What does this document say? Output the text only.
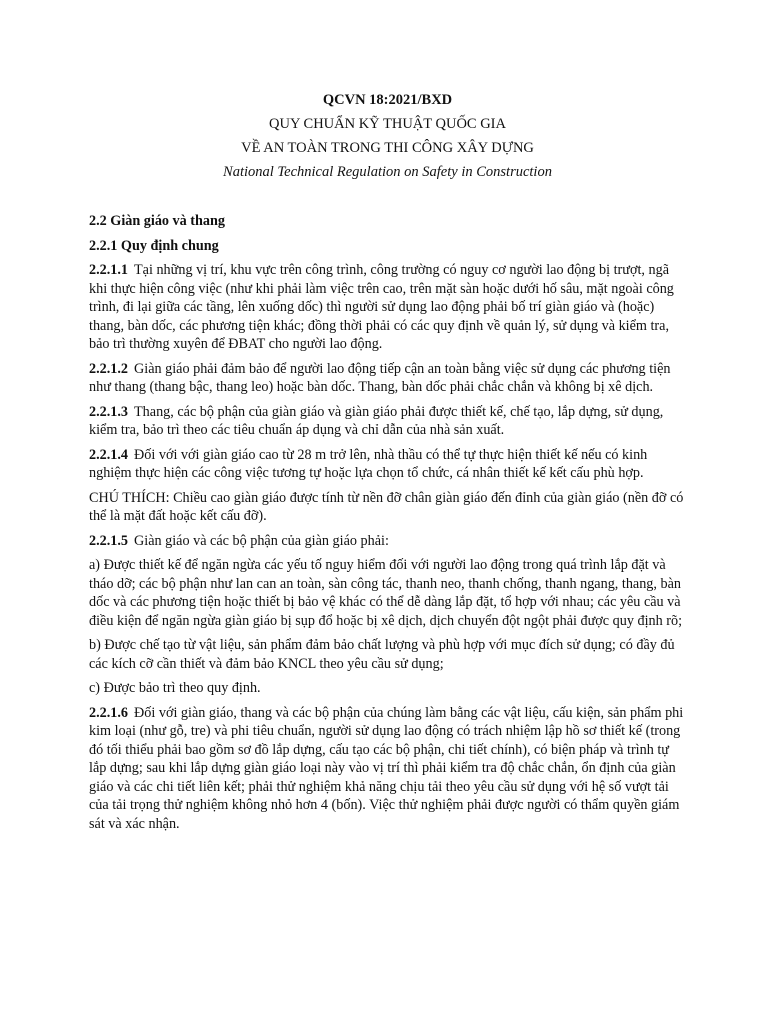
QCVN 18:2021/BXD
QUY CHUẨN KỸ THUẬT QUỐC GIA
VỀ AN TOÀN TRONG THI CÔNG XÂY DỰNG
National Technical Regulation on Safety in Construction
2.2 Giàn giáo và thang
2.2.1 Quy định chung
2.2.1.1 Tại những vị trí, khu vực trên công trình, công trường có nguy cơ người lao động bị trượt, ngã khi thực hiện công việc (như khi phải làm việc trên cao, trên mặt sàn hoặc dưới hố sâu, mặt ngoài công trình, đi lại giữa các tầng, lên xuống dốc) thì người sử dụng lao động phải bố trí giàn giáo và (hoặc) thang, bàn dốc, các phương tiện khác; đồng thời phải có các quy định về quản lý, sử dụng và kiểm tra, bảo trì thường xuyên để ĐBAT cho người lao động.
2.2.1.2 Giàn giáo phải đảm bảo để người lao động tiếp cận an toàn bằng việc sử dụng các phương tiện như thang (thang bậc, thang leo) hoặc bàn dốc. Thang, bàn dốc phải chắc chắn và không bị xê dịch.
2.2.1.3 Thang, các bộ phận của giàn giáo và giàn giáo phải được thiết kế, chế tạo, lắp dựng, sử dụng, kiểm tra, bảo trì theo các tiêu chuẩn áp dụng và chỉ dẫn của nhà sản xuất.
2.2.1.4 Đối với với giàn giáo cao từ 28 m trở lên, nhà thầu có thể tự thực hiện thiết kế nếu có kinh nghiệm thực hiện các công việc tương tự hoặc lựa chọn tổ chức, cá nhân thiết kế kết cấu phù hợp.
CHÚ THÍCH: Chiều cao giàn giáo được tính từ nền đỡ chân giàn giáo đến đỉnh của giàn giáo (nền đỡ có thể là mặt đất hoặc kết cấu đỡ).
2.2.1.5 Giàn giáo và các bộ phận của giàn giáo phải:
a) Được thiết kế để ngăn ngừa các yếu tố nguy hiểm đối với người lao động trong quá trình lắp đặt và tháo dỡ; các bộ phận như lan can an toàn, sàn công tác, thanh neo, thanh chống, thanh ngang, thang, bàn dốc và các phương tiện hoặc thiết bị bảo vệ khác có thể dễ dàng lắp đặt, tổ hợp với nhau; các yêu cầu và điều kiện để ngăn ngừa giàn giáo bị sụp đổ hoặc bị xê dịch, dịch chuyển đột ngột phải được quy định rõ;
b) Được chế tạo từ vật liệu, sản phẩm đảm bảo chất lượng và phù hợp với mục đích sử dụng; có đầy đủ các kích cỡ cần thiết và đảm bảo KNCL theo yêu cầu sử dụng;
c) Được bảo trì theo quy định.
2.2.1.6 Đối với giàn giáo, thang và các bộ phận của chúng làm bằng các vật liệu, cấu kiện, sản phẩm phi kim loại (như gỗ, tre) và phi tiêu chuẩn, người sử dụng lao động có trách nhiệm lập hồ sơ thiết kế (trong đó tối thiểu phải bao gồm sơ đồ lắp dựng, cấu tạo các bộ phận, chi tiết chính), có biện pháp và trình tự lắp dựng; sau khi lắp dựng giàn giáo loại này vào vị trí thì phải kiểm tra độ chắc chắn, ổn định của giàn giáo và các chi tiết liên kết; phải thử nghiệm khả năng chịu tải theo yêu cầu sử dụng với hệ số vượt tải của tải trọng thử nghiệm không nhỏ hơn 4 (bốn). Việc thử nghiệm phải được người có thẩm quyền giám sát và xác nhận.
